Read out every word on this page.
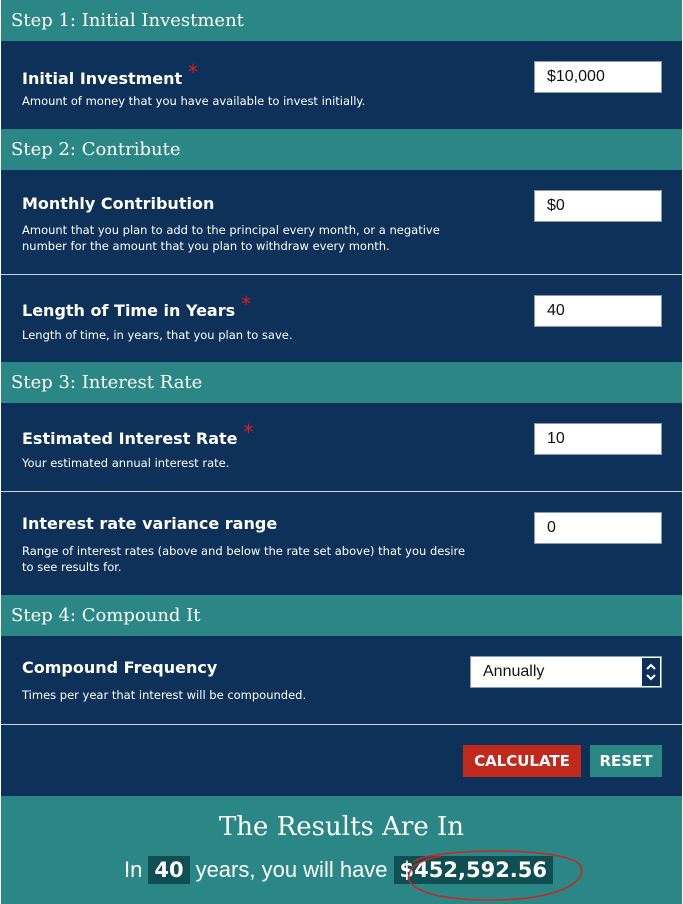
Step 1: Initial Investment
Initial Investment *
Amount of money that you have available to invest initially.
$10,000
Step 2: Contribute
Monthly Contribution
Amount that you plan to add to the principal every month, or a negative number for the amount that you plan to withdraw every month.
$0
Length of Time in Years *
Length of time, in years, that you plan to save.
40
Step 3: Interest Rate
Estimated Interest Rate *
Your estimated annual interest rate.
10
Interest rate variance range
Range of interest rates (above and below the rate set above) that you desire to see results for.
0
Step 4: Compound It
Compound Frequency
Times per year that interest will be compounded.
Annually
CALCULATE	RESET
The Results Are In
In 40 years, you will have $452,592.56
